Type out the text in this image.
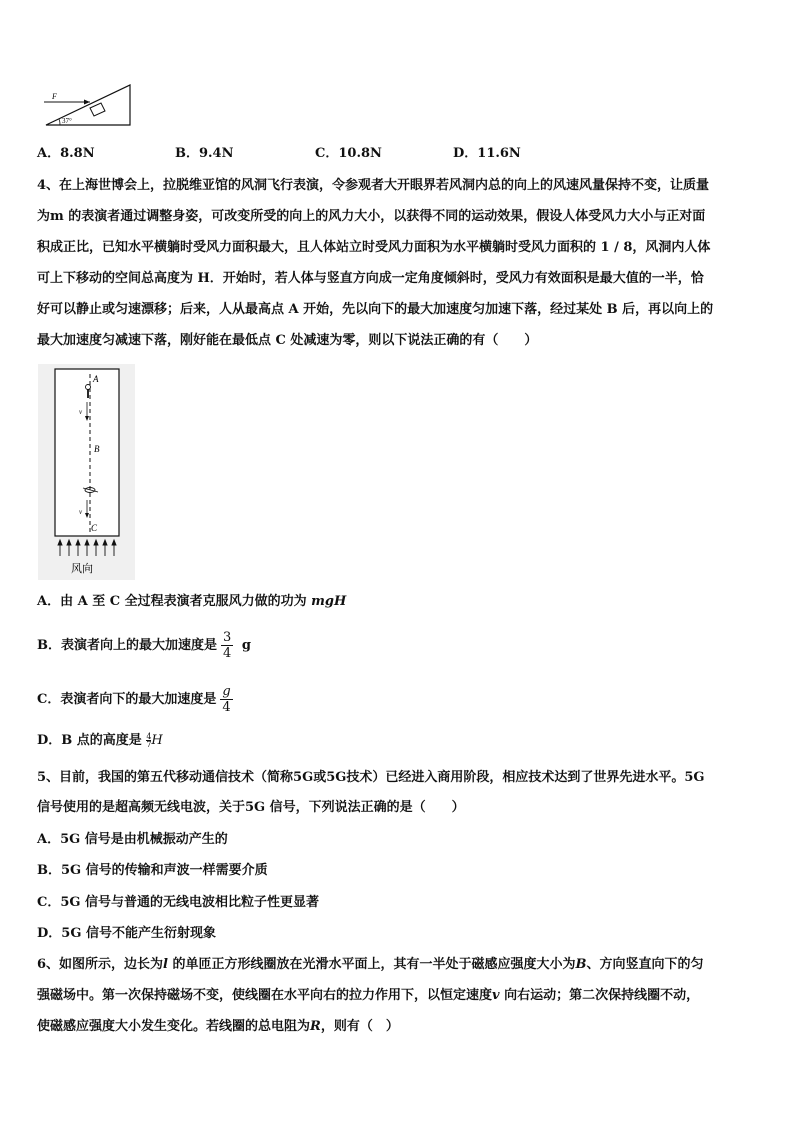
F
37°
A．8.8N	B．9.4N	C．10.8N	D．11.6N
4、在上海世博会上，拉脱维亚馆的风洞飞行表演，令参观者大开眼界若风洞内总的向上的风速风量保持不变，让质量
为m 的表演者通过调整身姿，可改变所受的向上的风力大小，以获得不同的运动效果，假设人体受风力大小与正对面
积成正比，已知水平横躺时受风力面积最大，且人体站立时受风力面积为水平横躺时受风力面积的 1 / 8，风洞内人体
可上下移动的空间总高度为 H．开始时，若人体与竖直方向成一定角度倾斜时，受风力有效面积是最大值的一半，恰
好可以静止或匀速漂移；后来，人从最高点 A 开始，先以向下的最大加速度匀加速下落，经过某处 B 后，再以向上的
最大加速度匀减速下落，刚好能在最低点 C 处减速为零，则以下说法正确的有（　　）
A
v
B
v
C
风向
A．由 A 至 C 全过程表演者克服风力做的功为 mgH
B．表演者向上的最大加速度是 $\frac{3}{4}$ g
C．表演者向下的最大加速度是 $\frac{g}{4}$
D．B 点的高度是 $\frac{4}{7}H$
5、目前，我国的第五代移动通信技术（简称5G或5G技术）已经进入商用阶段，相应技术达到了世界先进水平。5G
信号使用的是超高频无线电波，关于5G 信号，下列说法正确的是（　　）
A．5G 信号是由机械振动产生的
B．5G 信号的传输和声波一样需要介质
C．5G 信号与普通的无线电波相比粒子性更显著
D．5G 信号不能产生衍射现象
6、如图所示，边长为l 的单匝正方形线圈放在光滑水平面上，其有一半处于磁感应强度大小为B、方向竖直向下的匀
强磁场中。第一次保持磁场不变，使线圈在水平向右的拉力作用下，以恒定速度v 向右运动；第二次保持线圈不动，
使磁感应强度大小发生变化。若线圈的总电阻为R，则有（　）
